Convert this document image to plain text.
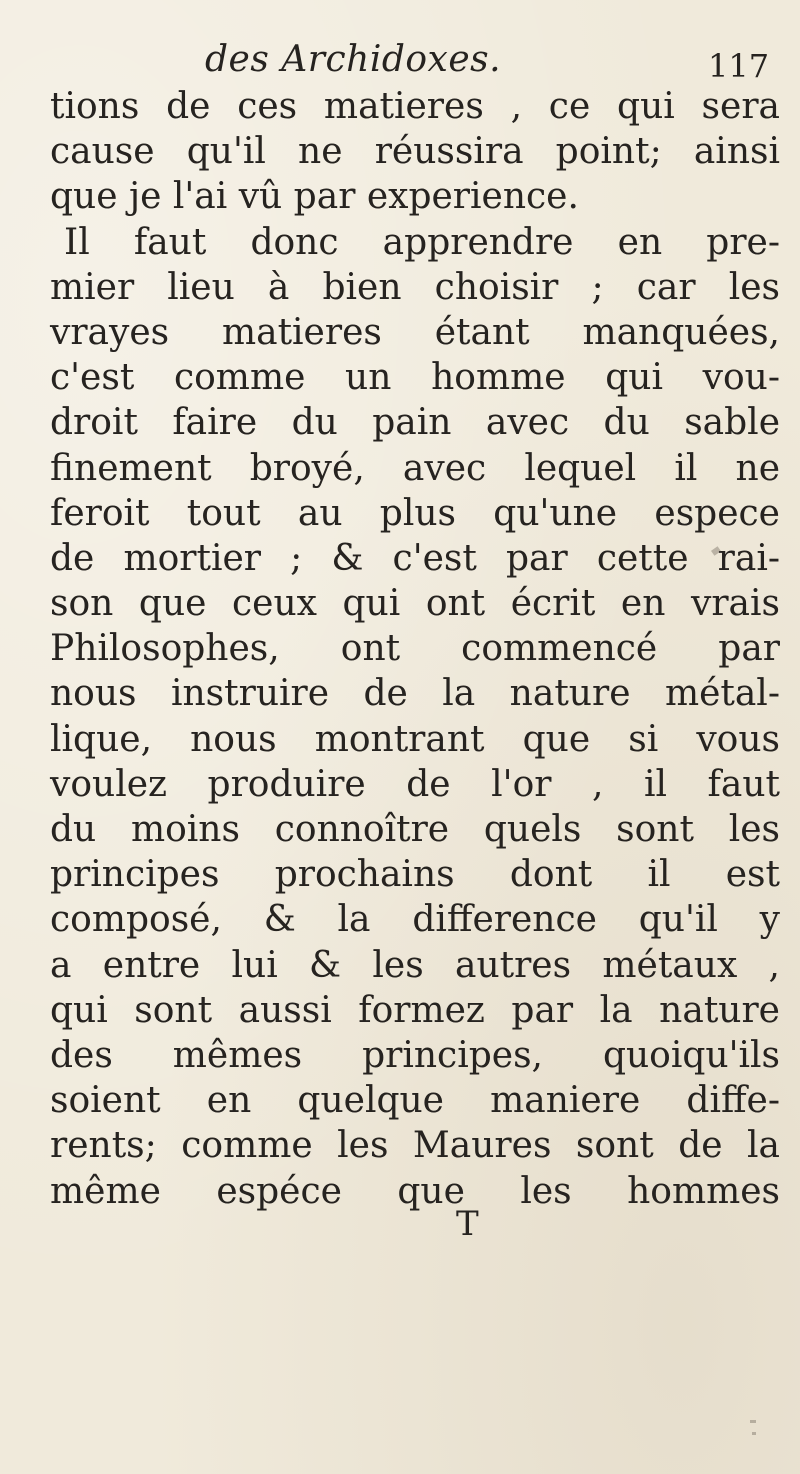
des Archidoxes.	117
tions de ces matieres , ce qui sera
cause qu'il ne réussira point; ainsi
que je l'ai vû par experience.
Il faut donc apprendre en pre-
mier lieu à bien choisir ; car les
vrayes matieres étant manquées,
c'est comme un homme qui vou-
droit faire du pain avec du sable
finement broyé, avec lequel il ne
feroit tout au plus qu'une espece
de mortier ; & c'est par cette rai-
son que ceux qui ont écrit en vrais
Philosophes, ont commencé par
nous instruire de la nature métal-
lique, nous montrant que si vous
voulez produire de l'or , il faut
du moins connoître quels sont les
principes prochains dont il est
composé, & la difference qu'il y
a entre lui & les autres métaux ,
qui sont aussi formez par la nature
des mêmes principes, quoiqu'ils
soient en quelque maniere diffe-
rents; comme les Maures sont de la
même espéce que les hommes
T
